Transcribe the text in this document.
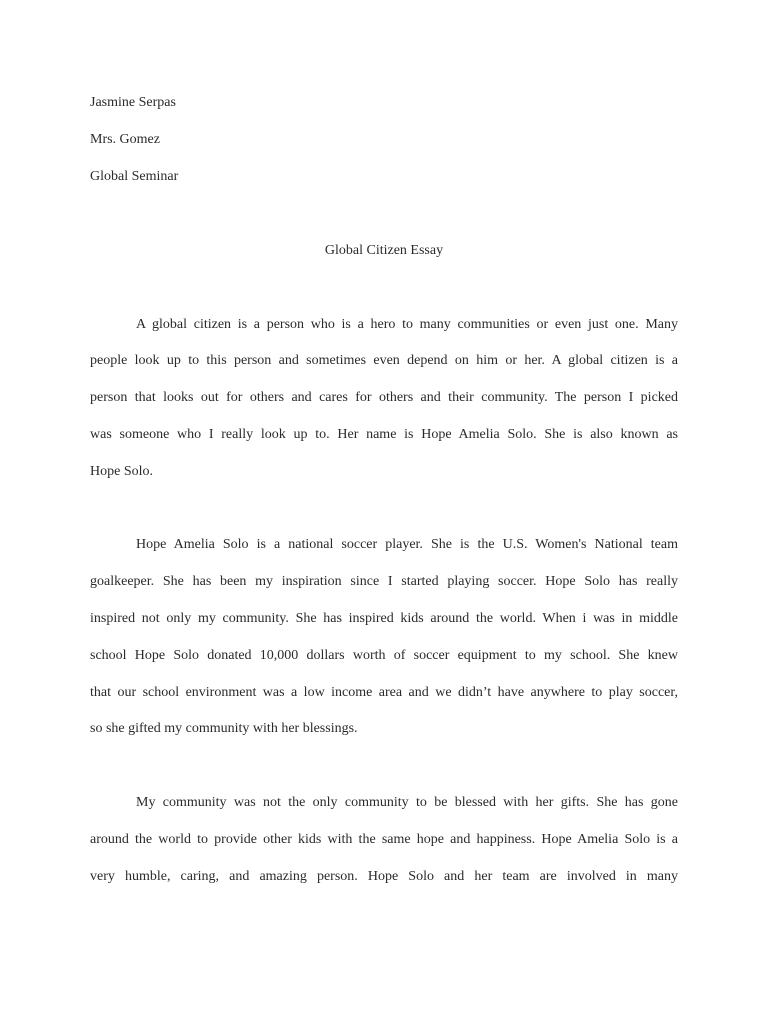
Jasmine Serpas
Mrs. Gomez
Global Seminar
Global Citizen Essay
A global citizen is a person who is a hero to many communities or even just one. Many
people look up to this person and sometimes even depend on him or her. A global citizen is a
person that looks out for others and cares for others and their community. The person I picked
was someone who I really look up to. Her name is Hope Amelia Solo. She is also known as
Hope Solo.
Hope Amelia Solo is a national soccer player. She is the U.S. Women's National team
goalkeeper. She has been my inspiration since I started playing soccer. Hope Solo has really
inspired not only my community. She has inspired kids around the world. When i was in middle
school Hope Solo donated 10,000 dollars worth of soccer equipment to my school. She knew
that our school environment was a low income area and we didn’t have anywhere to play soccer,
so she gifted my community with her blessings.
My community was not the only community to be blessed with her gifts. She has gone
around the world to provide other kids with the same hope and happiness. Hope Amelia Solo is a
very humble, caring, and amazing person. Hope Solo and her team are involved in many
